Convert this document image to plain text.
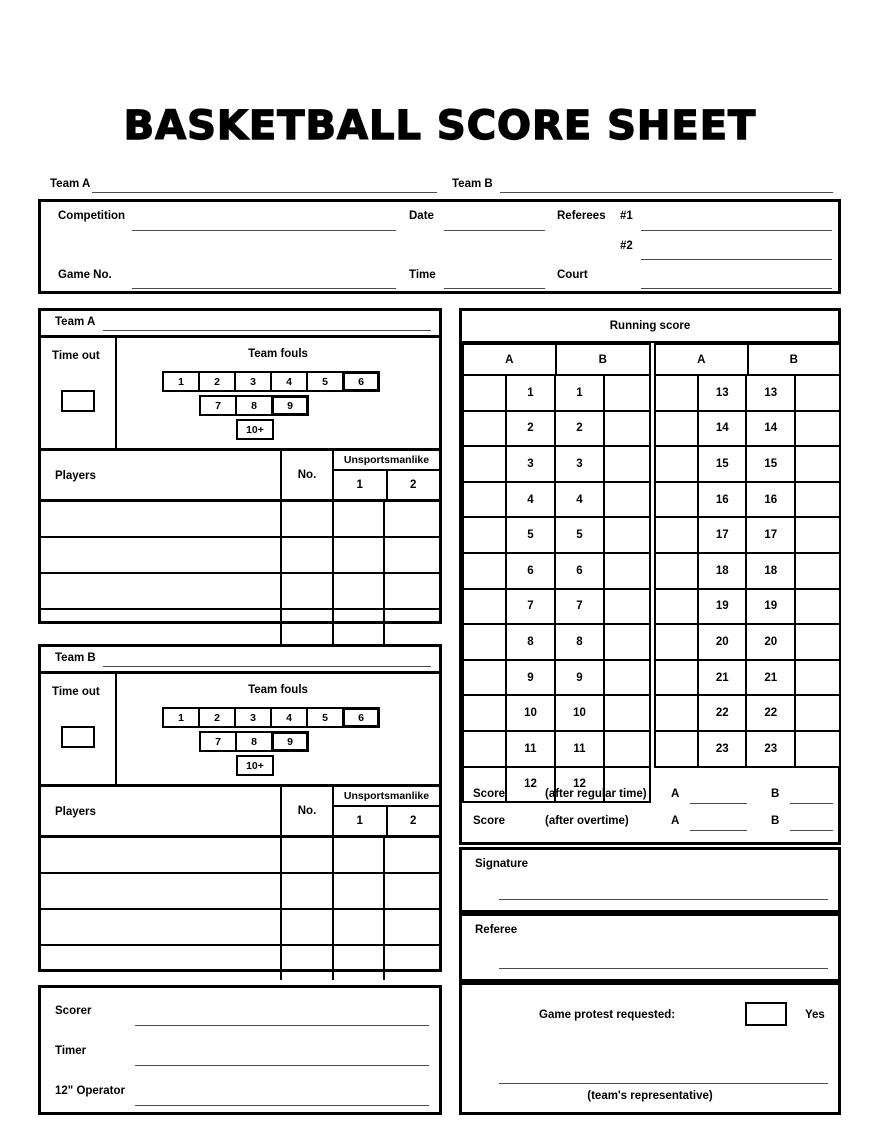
BASKETBALL SCORE SHEET
Team A	Team B
Competition	Date	Referees #1
#2
Game No.	Time	Court
Team A
Time out	Team fouls
1	2	3	4	5	6
7	8	9
10+
Players	No.
Unsportsmanlike
1	2
Team B
Time out	Team fouls
1	2	3	4	5	6
7	8	9
10+
Players	No.
Unsportsmanlike
1	2
Scorer
Timer
12" Operator
Running score
A	B
1	1
2	2
3	3
4	4
5	5
6	6
7	7
8	8
9	9
10	10
11	11
12	12
A	B
13	13
14	14
15	15
16	16
17	17
18	18
19	19
20	20
21	21
22	22
23	23
Score	(after regular time) A	B
Score	(after overtime)	A	B
Signature
Referee
Game protest requested:	Yes
(team's representative)
